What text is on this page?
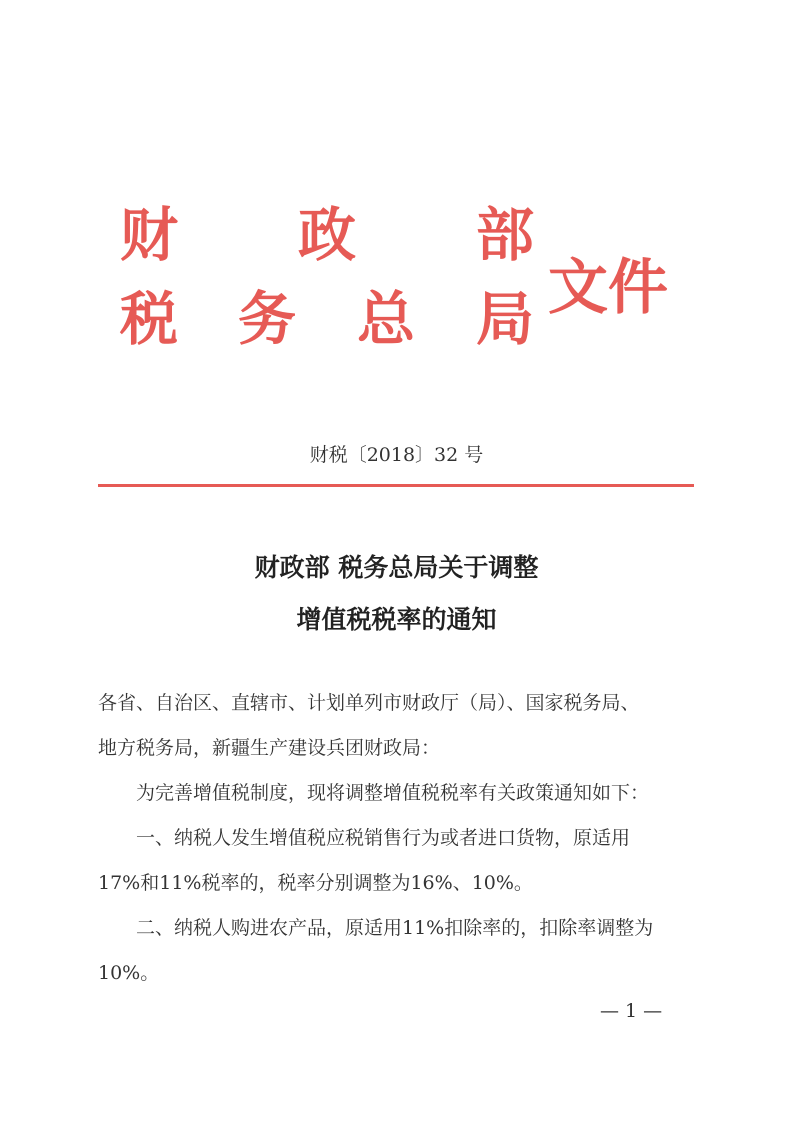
财 政 部
税 务 总 局 文件
财税〔2018〕32 号
财政部 税务总局关于调整
增值税税率的通知
各省、自治区、直辖市、计划单列市财政厅（局）、国家税务局、
地方税务局，新疆生产建设兵团财政局：
为完善增值税制度，现将调整增值税税率有关政策通知如下：
一、纳税人发生增值税应税销售行为或者进口货物，原适用
17%和11%税率的，税率分别调整为16%、10%。
二、纳税人购进农产品，原适用11%扣除率的，扣除率调整为
10%。
— 1 —
